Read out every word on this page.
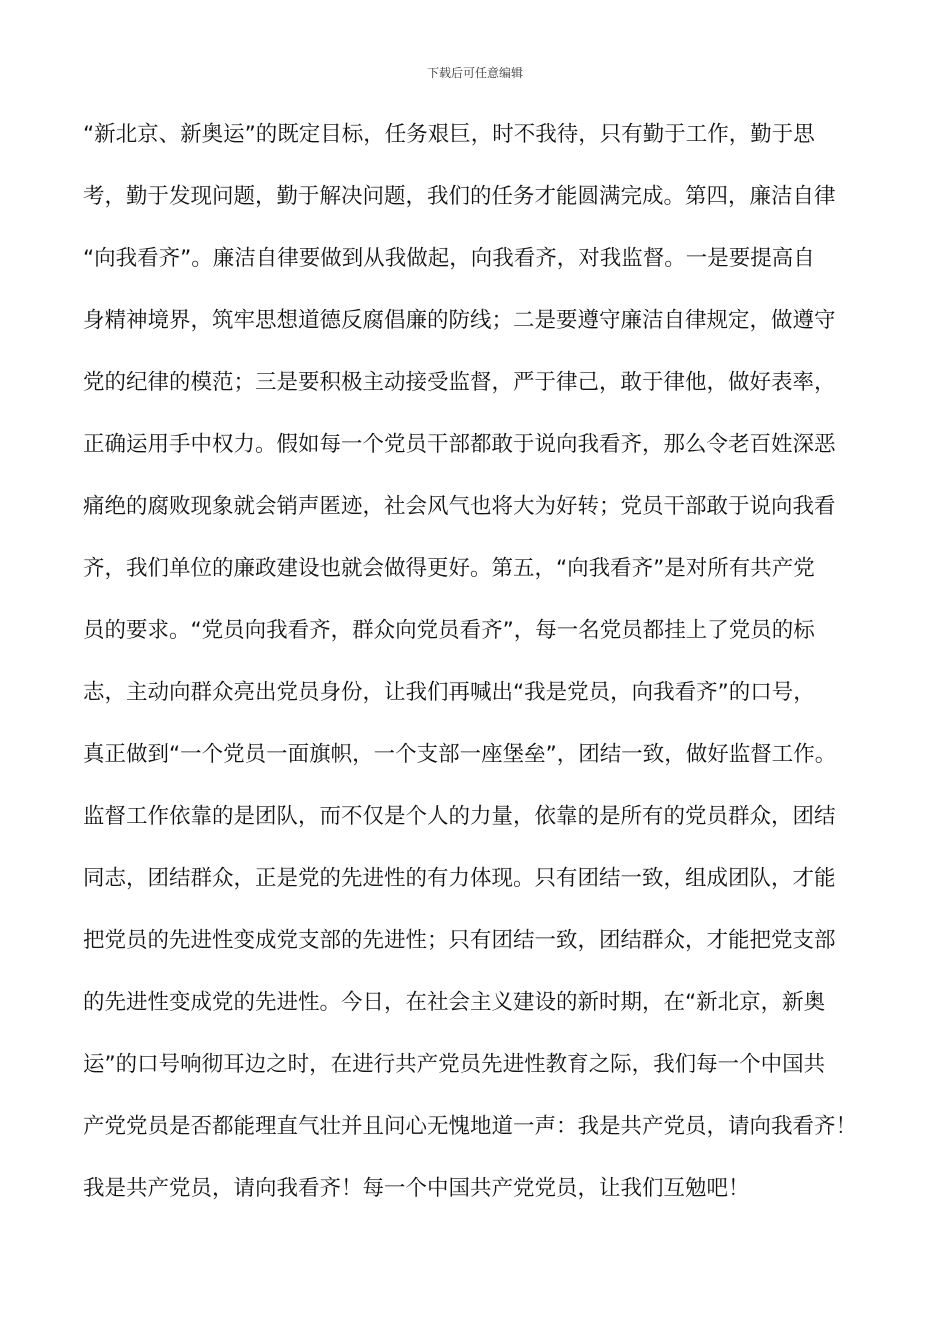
下载后可任意编辑
“新北京、新奥运”的既定目标，任务艰巨，时不我待，只有勤于工作，勤于思
考，勤于发现问题，勤于解决问题，我们的任务才能圆满完成。第四，廉洁自律
“向我看齐”。廉洁自律要做到从我做起，向我看齐，对我监督。一是要提高自
身精神境界，筑牢思想道德反腐倡廉的防线；二是要遵守廉洁自律规定，做遵守
党的纪律的模范；三是要积极主动接受监督，严于律己，敢于律他，做好表率，
正确运用手中权力。假如每一个党员干部都敢于说向我看齐，那么令老百姓深恶
痛绝的腐败现象就会销声匿迹，社会风气也将大为好转；党员干部敢于说向我看
齐，我们单位的廉政建设也就会做得更好。第五，“向我看齐”是对所有共产党
员的要求。“党员向我看齐，群众向党员看齐”，每一名党员都挂上了党员的标
志，主动向群众亮出党员身份，让我们再喊出“我是党员，向我看齐”的口号，
真正做到“一个党员一面旗帜，一个支部一座堡垒”，团结一致，做好监督工作。
监督工作依靠的是团队，而不仅是个人的力量，依靠的是所有的党员群众，团结
同志，团结群众，正是党的先进性的有力体现。只有团结一致，组成团队，才能
把党员的先进性变成党支部的先进性；只有团结一致，团结群众，才能把党支部
的先进性变成党的先进性。今日，在社会主义建设的新时期，在“新北京，新奥
运”的口号响彻耳边之时，在进行共产党员先进性教育之际，我们每一个中国共
产党党员是否都能理直气壮并且问心无愧地道一声：我是共产党员，请向我看齐！
我是共产党员，请向我看齐！每一个中国共产党党员，让我们互勉吧！
